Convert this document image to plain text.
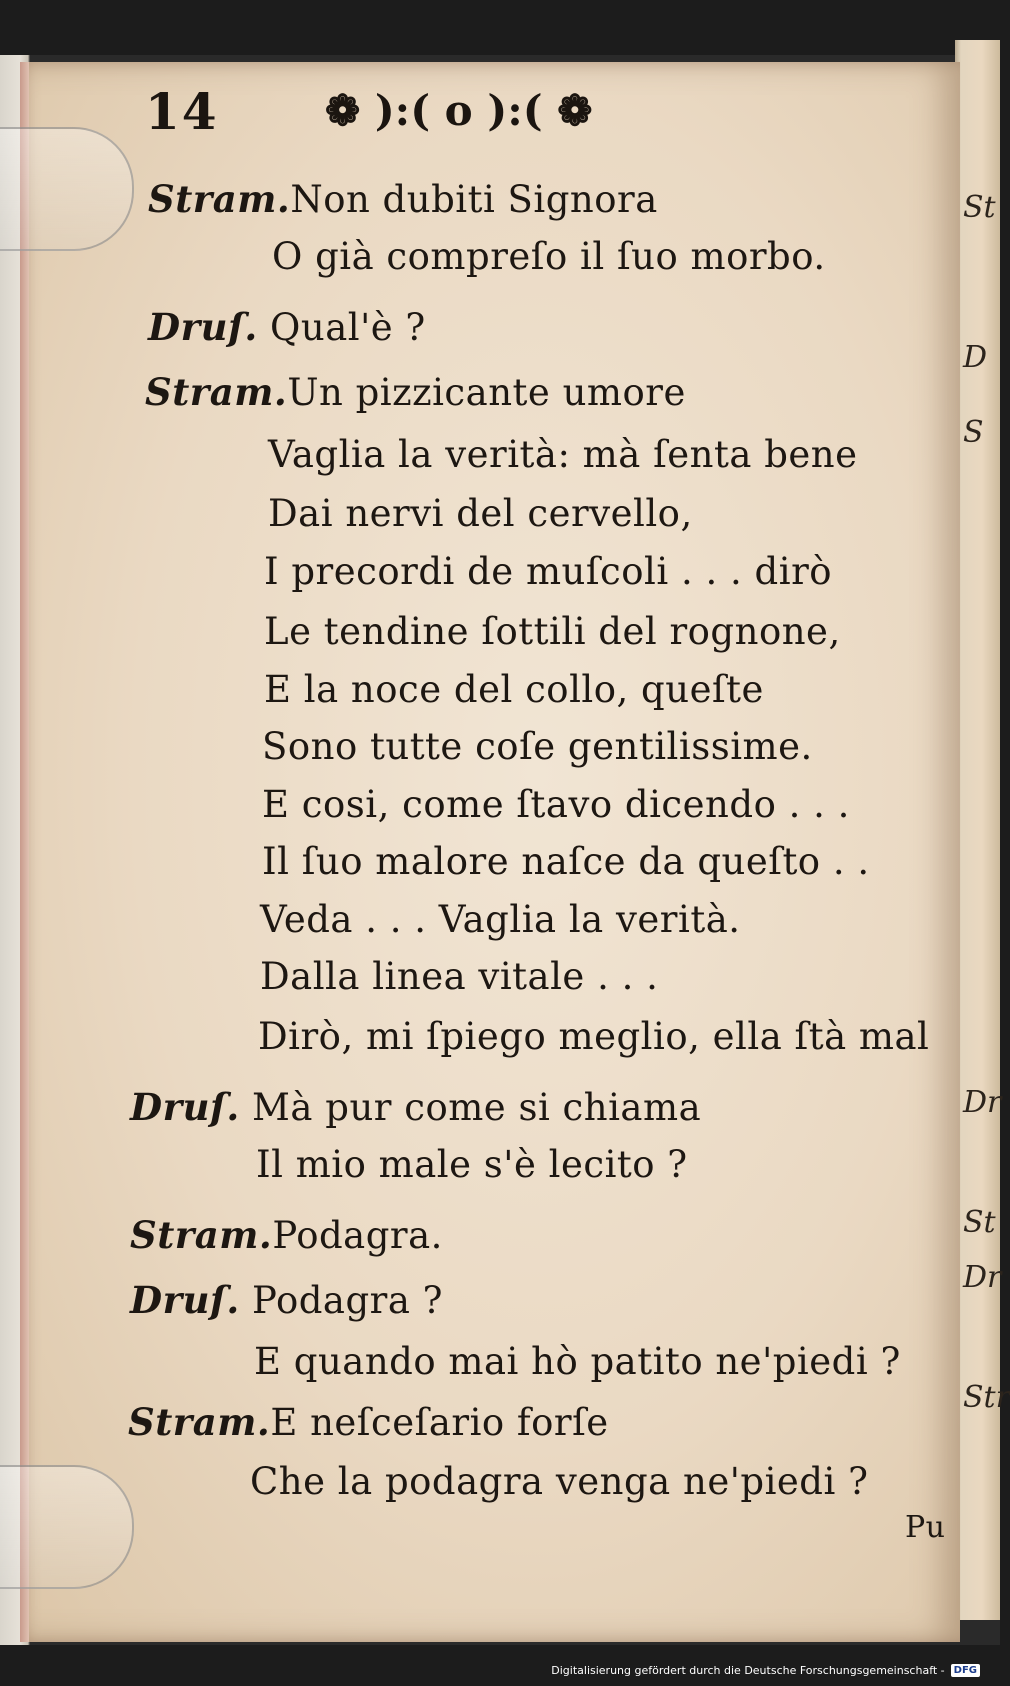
St
D
S
Dr
St
Dr
Str
14	❁ ):( o ):( ❁
Stram.Non dubiti Signora
O già compreſo il ſuo morbo.
Druſ. Qual'è ?
Stram.Un pizzicante umore
Vaglia la verità: mà ſenta bene
Dai nervi del cervello,
I precordi de muſcoli . . . dirò
Le tendine ſottili del rognone,
E la noce del collo, queſte
Sono tutte coſe gentilissime.
E cosi, come ſtavo dicendo . . .
Il ſuo malore naſce da queſto . .
Veda . . . Vaglia la verità.
Dalla linea vitale . . .
Dirò, mi ſpiego meglio, ella ſtà mal
Druſ. Mà pur come si chiama
Il mio male s'è lecito ?
Stram.Podagra.
Druſ. Podagra ?
E quando mai hò patito ne'piedi ?
Stram.E neſceſario forſe
Che la podagra venga ne'piedi ?
Pu
Digitalisierung gefördert durch die Deutsche Forschungsgemeinschaft - DFG
